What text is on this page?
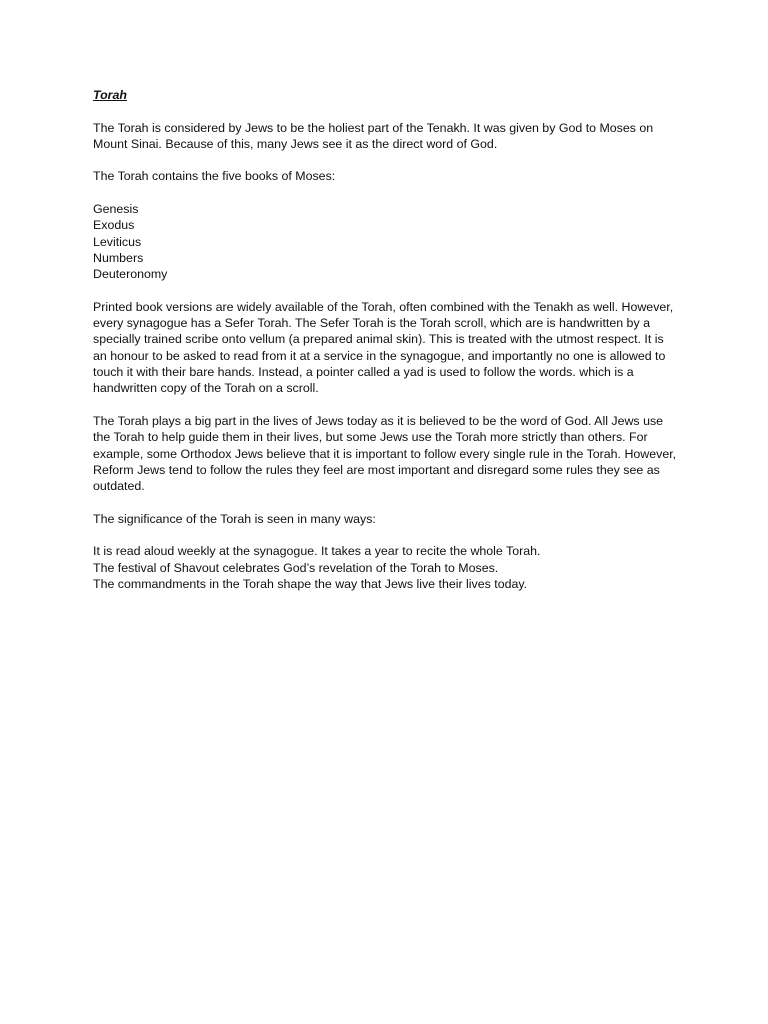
Torah

The Torah is considered by Jews to be the holiest part of the Tenakh. It was given by God to Moses on Mount Sinai. Because of this, many Jews see it as the direct word of God.

The Torah contains the five books of Moses:

Genesis
Exodus
Leviticus
Numbers
Deuteronomy

Printed book versions are widely available of the Torah, often combined with the Tenakh as well. However, every synagogue has a Sefer Torah. The Sefer Torah is the Torah scroll, which are is handwritten by a specially trained scribe onto vellum (a prepared animal skin). This is treated with the utmost respect. It is an honour to be asked to read from it at a service in the synagogue, and importantly no one is allowed to touch it with their bare hands. Instead, a pointer called a yad is used to follow the words. which is a handwritten copy of the Torah on a scroll.

The Torah plays a big part in the lives of Jews today as it is believed to be the word of God. All Jews use the Torah to help guide them in their lives, but some Jews use the Torah more strictly than others. For example, some Orthodox Jews believe that it is important to follow every single rule in the Torah. However, Reform Jews tend to follow the rules they feel are most important and disregard some rules they see as outdated.

The significance of the Torah is seen in many ways:

It is read aloud weekly at the synagogue. It takes a year to recite the whole Torah.
The festival of Shavout celebrates God’s revelation of the Torah to Moses.
The commandments in the Torah shape the way that Jews live their lives today.
